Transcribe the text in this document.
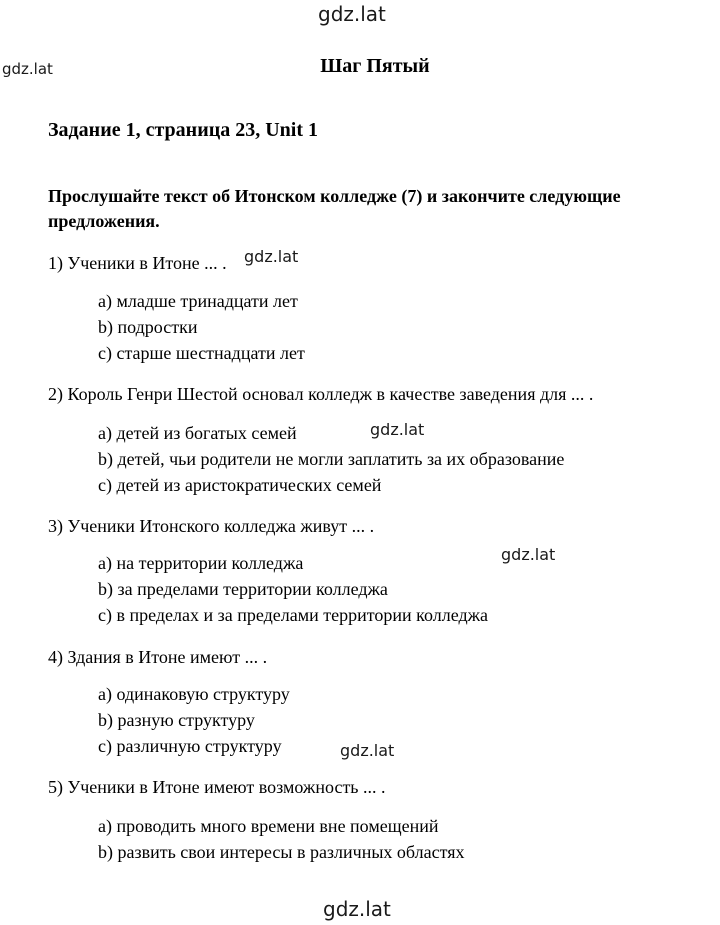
gdz.lat
gdz.lat
gdz.lat
gdz.lat
gdz.lat
gdz.lat
gdz.lat
Шаг Пятый
Задание 1, страница 23, Unit 1

Прослушайте текст об Итонском колледже (7) и закончите следующие предложения.

1) Ученики в Итоне ... .

a) младше тринадцати лет

b) подростки

c) старше шестнадцати лет

2) Король Генри Шестой основал колледж в качестве заведения для ... .

a) детей из богатых семей

b) детей, чьи родители не могли заплатить за их образование

c) детей из аристократических семей

3) Ученики Итонского колледжа живут ... .

a) на территории колледжа

b) за пределами территории колледжа

c) в пределах и за пределами территории колледжа

4) Здания в Итоне имеют ... .

a) одинаковую структуру

b) разную структуру

c) различную структуру

5) Ученики в Итоне имеют возможность ... .

a) проводить много времени вне помещений

b) развить свои интересы в различных областях
